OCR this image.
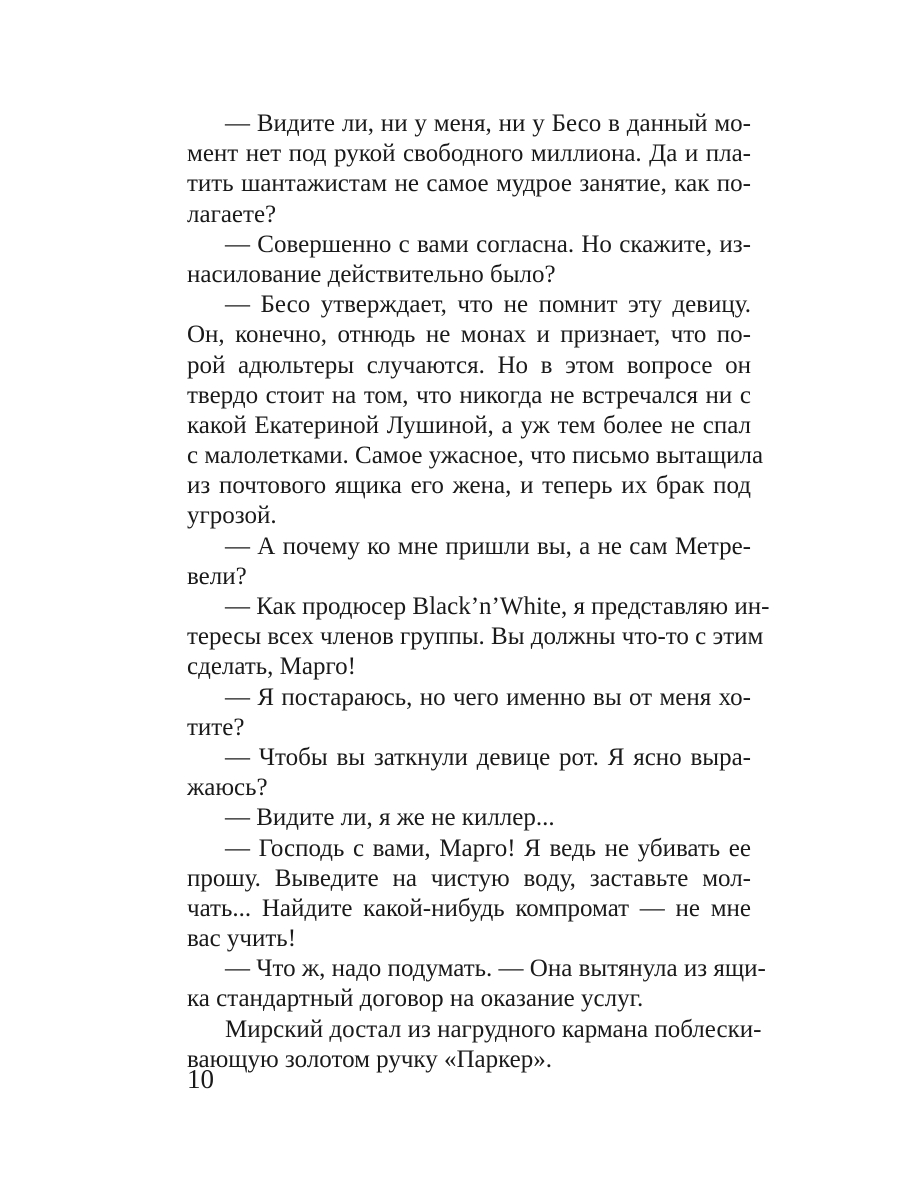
— Видите ли, ни у меня, ни у Бесо в данный мо-
мент нет под рукой свободного миллиона. Да и пла-
тить шантажистам не самое мудрое занятие, как по-
лагаете?
— Совершенно с вами согласна. Но скажите, из-
насилование действительно было?
— Бесо утверждает, что не помнит эту девицу.
Он, конечно, отнюдь не монах и признает, что по-
рой адюльтеры случаются. Но в этом вопросе он
твердо стоит на том, что никогда не встречался ни с
какой Екатериной Лушиной, а уж тем более не спал
с малолетками. Самое ужасное, что письмо вытащила
из почтового ящика его жена, и теперь их брак под
угрозой.
— А почему ко мне пришли вы, а не сам Метре-
вели?
— Как продюсер Black’n’White, я представляю ин-
тересы всех членов группы. Вы должны что-то с этим
сделать, Марго!
— Я постараюсь, но чего именно вы от меня хо-
тите?
— Чтобы вы заткнули девице рот. Я ясно выра-
жаюсь?
— Видите ли, я же не киллер...
— Господь с вами, Марго! Я ведь не убивать ее
прошу. Выведите на чистую воду, заставьте мол-
чать... Найдите какой-нибудь компромат — не мне
вас учить!
— Что ж, надо подумать. — Она вытянула из ящи-
ка стандартный договор на оказание услуг.
Мирский достал из нагрудного кармана поблески-
вающую золотом ручку «Паркер».
10
